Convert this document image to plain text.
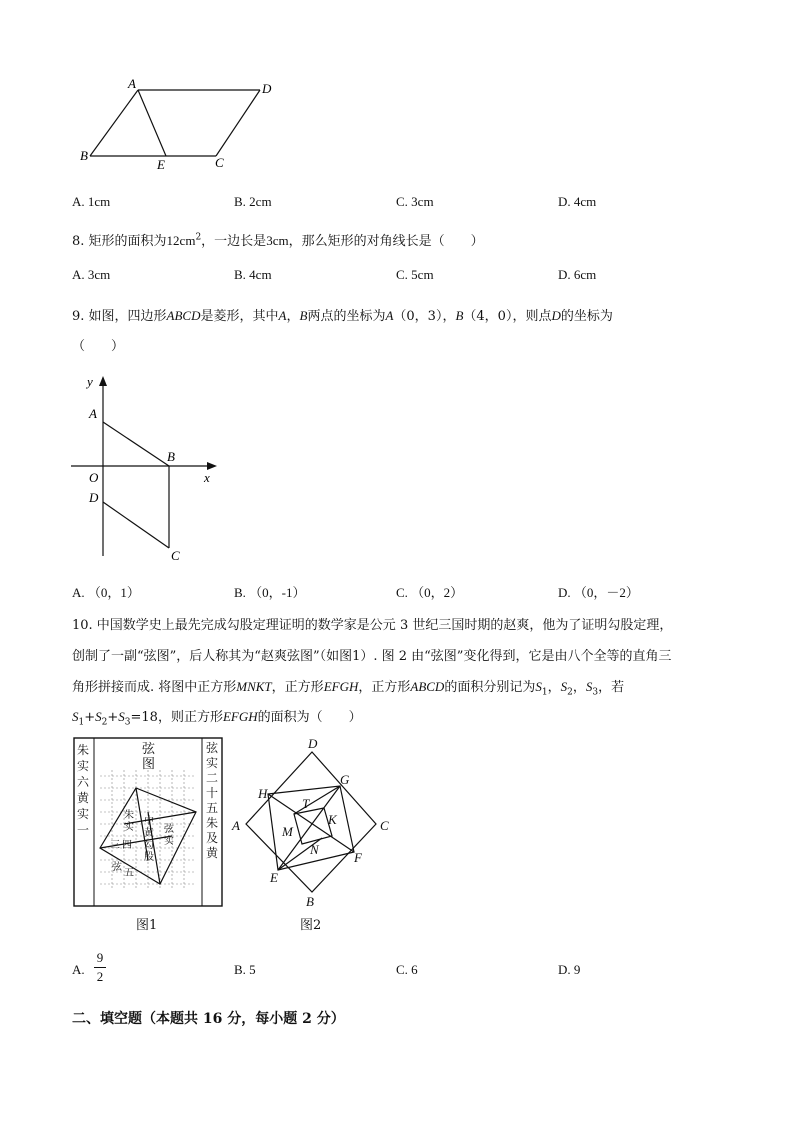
A	D
B
E	C
A. 1cm	B. 2cm	C. 3cm	D. 4cm
8. 矩形的面积为$12cm^2$，一边长是3cm，那么矩形的对角线长是（　　）
A. 3cm	B. 4cm	C. 5cm	D. 6cm
9. 如图，四边形ABCD是菱形，其中A，B两点的坐标为A（0，3），B（4，0），则点D的坐标为
（　　）
y
A
B
x
O
D
C
A. （0，1）	B. （0，-1）	C. （0，2）	D. （0，－2）
10. 中国数学史上最先完成勾股定理证明的数学家是公元 3 世纪三国时期的赵爽，他为了证明勾股定理，
创制了一副“弦图”，后人称其为“赵爽弦图”（如图1）. 图 2 由“弦图”变化得到，它是由八个全等的直角三
角形拼接而成. 将图中正方形MNKT，正方形EFGH，正方形ABCD的面积分别记为$S_1$，$S_2$，$S_3$，若
$S_1+S_2+S_3=18$，则正方形EFGH的面积为（　　）
朱
实
六
黄
实
一
弦
图
弦
实
二
十
五
朱
及
黄
朱
实
中
黄 弦
实
勾
股
三 四
弦
五
图1
D
H
G
T
K
A	C
M
N
E
F
B
图2
A.
9
2	B. 5	C. 6	D. 9
二、填空题（本题共 16 分，每小题 2 分）
